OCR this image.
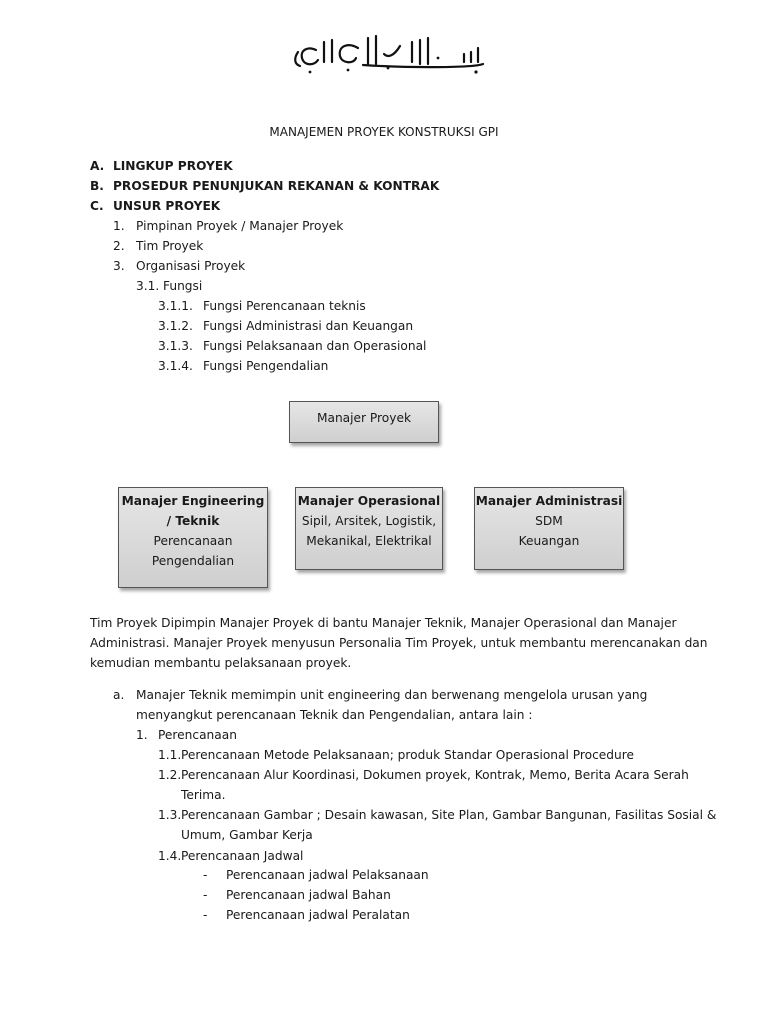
MANAJEMEN PROYEK KONSTRUKSI GPI
A. LINGKUP PROYEK
B. PROSEDUR PENUNJUKAN REKANAN & KONTRAK
C. UNSUR PROYEK
1. Pimpinan Proyek / Manajer Proyek
2. Tim Proyek
3. Organisasi Proyek
3.1. Fungsi
3.1.1. Fungsi Perencanaan teknis
3.1.2. Fungsi Administrasi dan Keuangan
3.1.3. Fungsi Pelaksanaan dan Operasional
3.1.4. Fungsi Pengendalian
Manajer Proyek
Manajer Engineering
/ Teknik
Perencanaan
Pengendalian
Manajer Operasional
Sipil, Arsitek, Logistik,
Mekanikal, Elektrikal
Manajer Administrasi
SDM
Keuangan
Tim Proyek Dipimpin Manajer Proyek di bantu Manajer Teknik, Manajer Operasional dan Manajer
Administrasi. Manajer Proyek menyusun Personalia Tim Proyek, untuk membantu merencanakan dan
kemudian membantu pelaksanaan proyek.
a. Manajer Teknik memimpin unit engineering dan berwenang mengelola urusan yang
menyangkut perencanaan Teknik dan Pengendalian, antara lain :
1. Perencanaan
1.1. Perencanaan Metode Pelaksanaan; produk Standar Operasional Procedure
1.2. Perencanaan Alur Koordinasi, Dokumen proyek, Kontrak, Memo, Berita Acara Serah
Terima.
1.3. Perencanaan Gambar ; Desain kawasan, Site Plan, Gambar Bangunan, Fasilitas Sosial &
Umum, Gambar Kerja
1.4. Perencanaan Jadwal
- Perencanaan jadwal Pelaksanaan
- Perencanaan jadwal Bahan
- Perencanaan jadwal Peralatan
